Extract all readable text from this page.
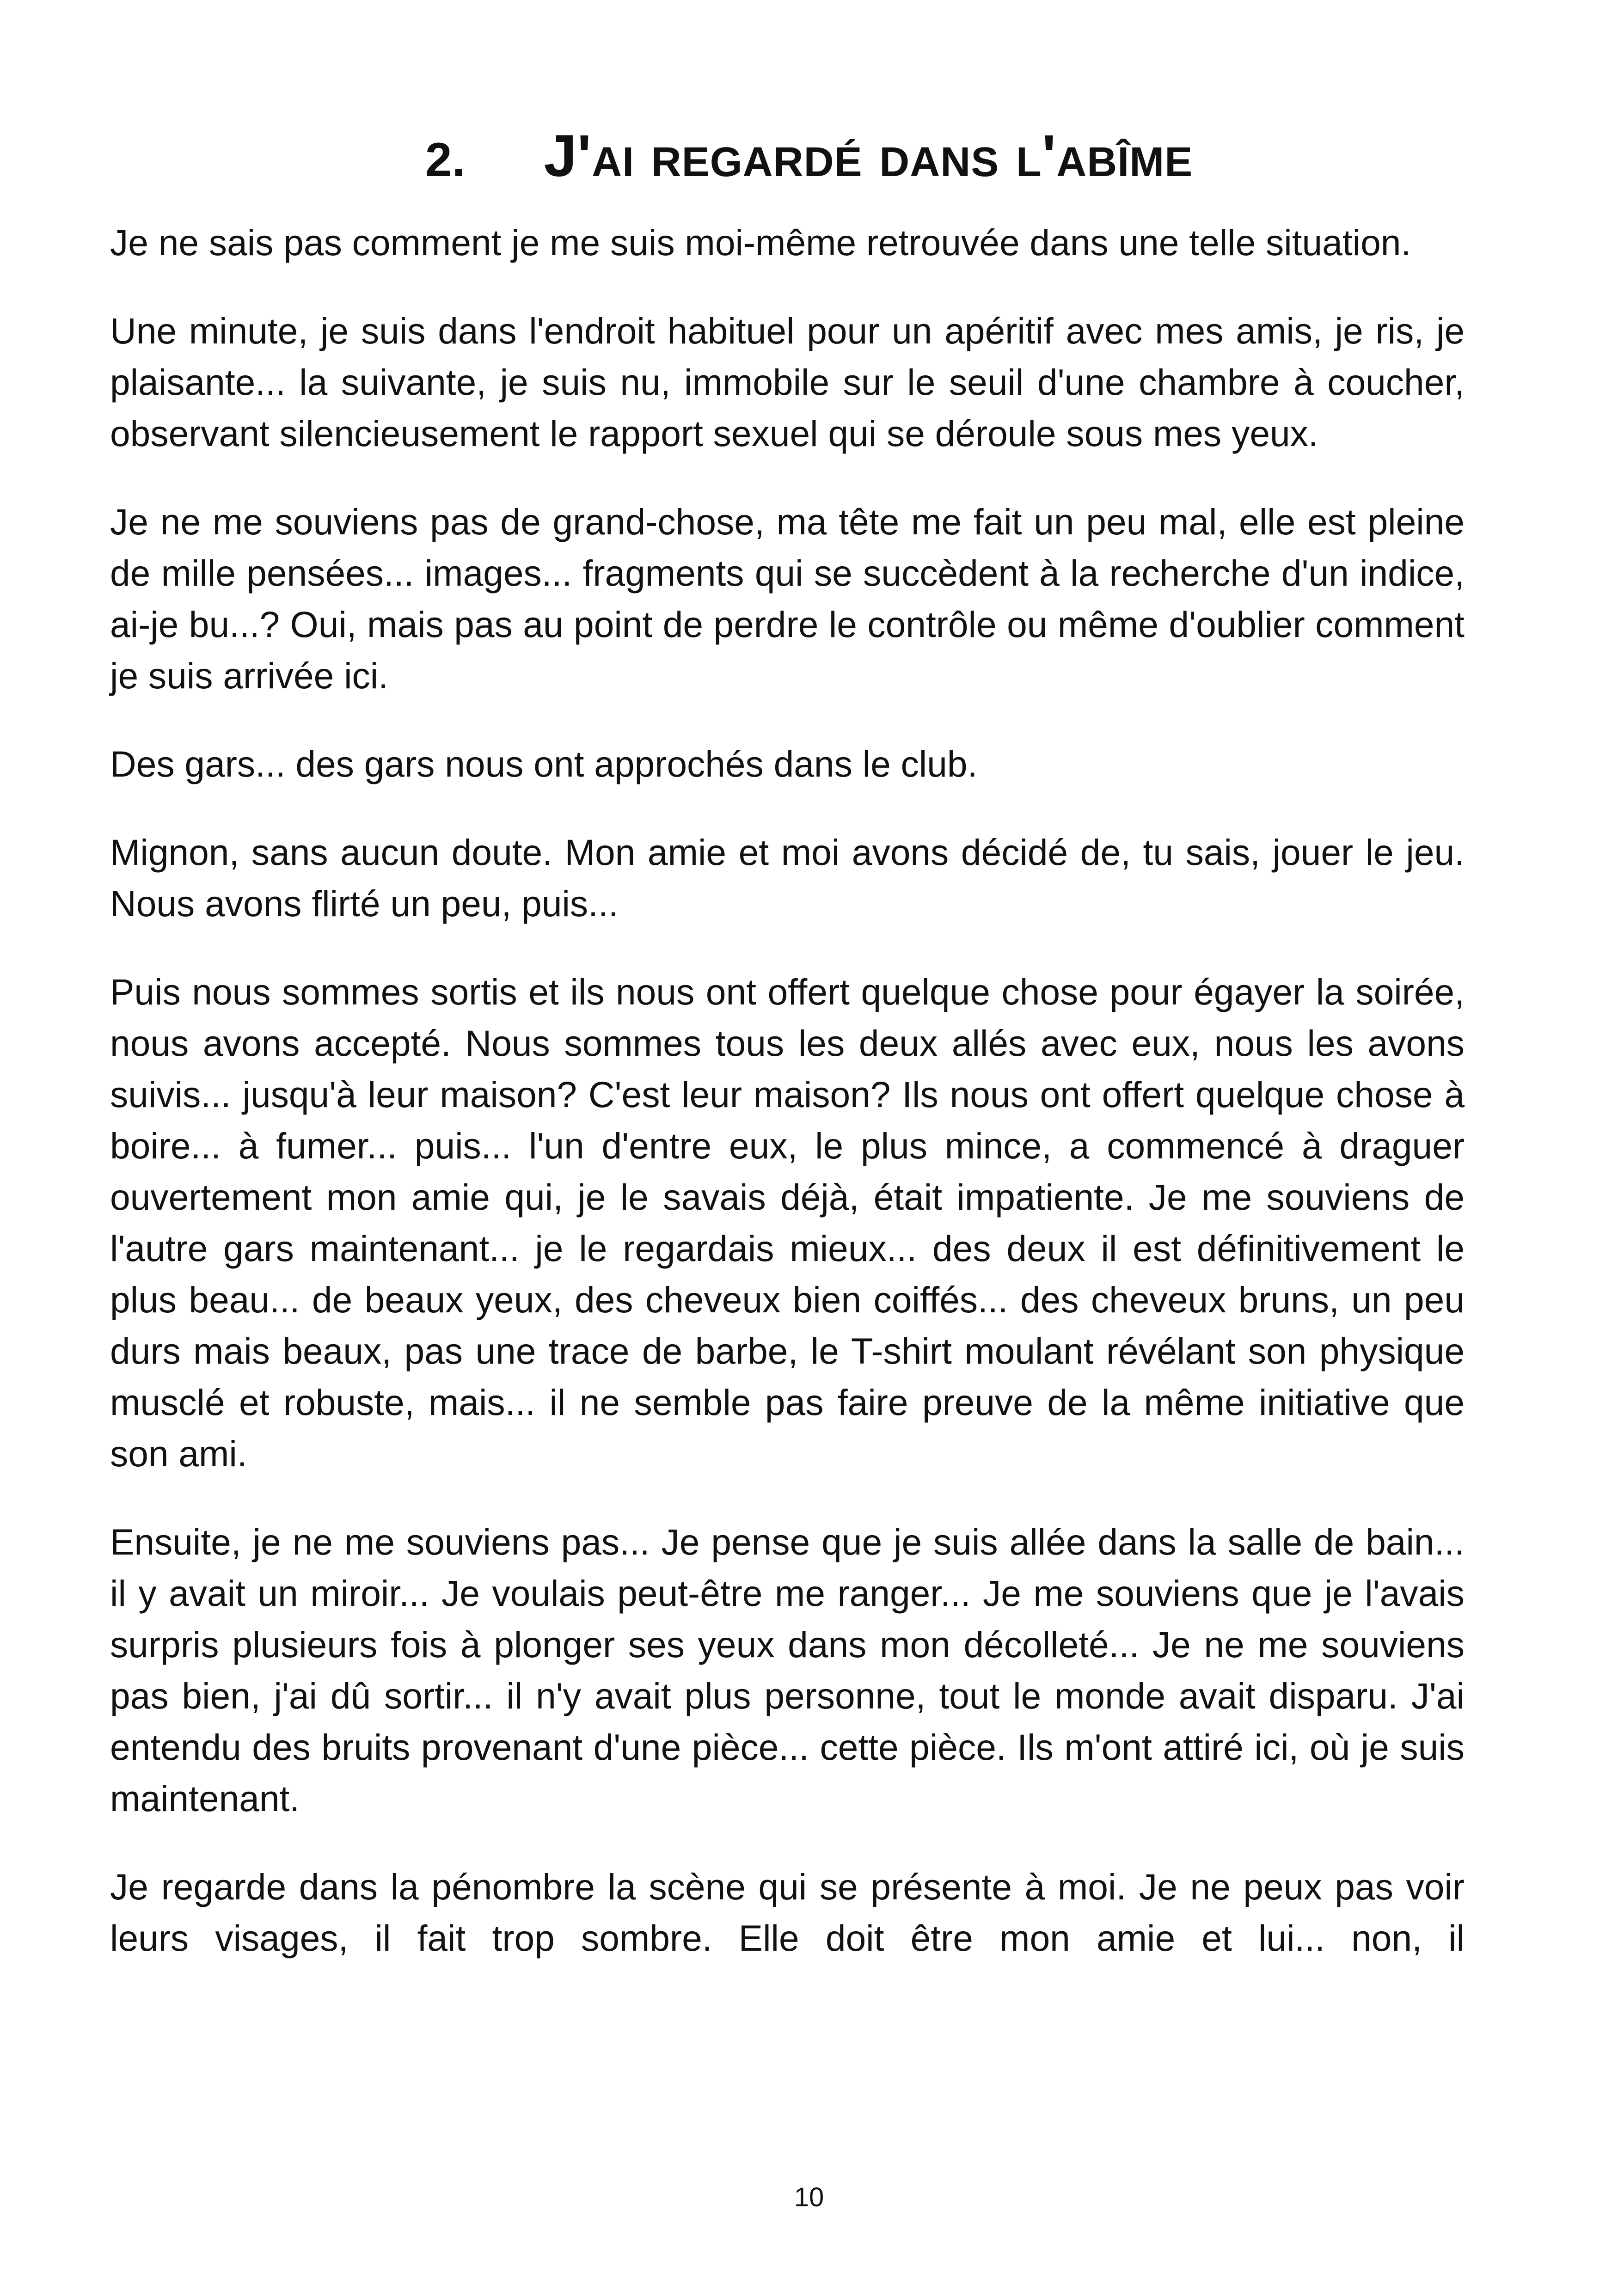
2. J'ai regardé dans l'abîme

Je ne sais pas comment je me suis moi-même retrouvée dans une telle situation.

Une minute, je suis dans l'endroit habituel pour un apéritif avec mes amis, je ris, je plaisante... la suivante, je suis nu, immobile sur le seuil d'une chambre à coucher, observant silencieusement le rapport sexuel qui se déroule sous mes yeux.

Je ne me souviens pas de grand-chose, ma tête me fait un peu mal, elle est pleine de mille pensées... images... fragments qui se succèdent à la recherche d'un indice, ai-je bu...? Oui, mais pas au point de perdre le contrôle ou même d'oublier comment je suis arrivée ici.

Des gars... des gars nous ont approchés dans le club.

Mignon, sans aucun doute. Mon amie et moi avons décidé de, tu sais, jouer le jeu. Nous avons flirté un peu, puis...

Puis nous sommes sortis et ils nous ont offert quelque chose pour égayer la soirée, nous avons accepté. Nous sommes tous les deux allés avec eux, nous les avons suivis... jusqu'à leur maison? C'est leur maison? Ils nous ont offert quelque chose à boire... à fumer... puis... l'un d'entre eux, le plus mince, a commencé à draguer ouvertement mon amie qui, je le savais déjà, était impatiente. Je me souviens de l'autre gars maintenant... je le regardais mieux... des deux il est définitivement le plus beau... de beaux yeux, des cheveux bien coiffés... des cheveux bruns, un peu durs mais beaux, pas une trace de barbe, le T-shirt moulant révélant son physique musclé et robuste, mais... il ne semble pas faire preuve de la même initiative que son ami.

Ensuite, je ne me souviens pas... Je pense que je suis allée dans la salle de bain... il y avait un miroir... Je voulais peut-être me ranger... Je me souviens que je l'avais surpris plusieurs fois à plonger ses yeux dans mon décolleté... Je ne me souviens pas bien, j'ai dû sortir... il n'y avait plus personne, tout le monde avait disparu. J'ai entendu des bruits provenant d'une pièce... cette pièce. Ils m'ont attiré ici, où je suis maintenant.

Je regarde dans la pénombre la scène qui se présente à moi. Je ne peux pas voir leurs visages, il fait trop sombre. Elle doit être mon amie et lui... non, il

10
